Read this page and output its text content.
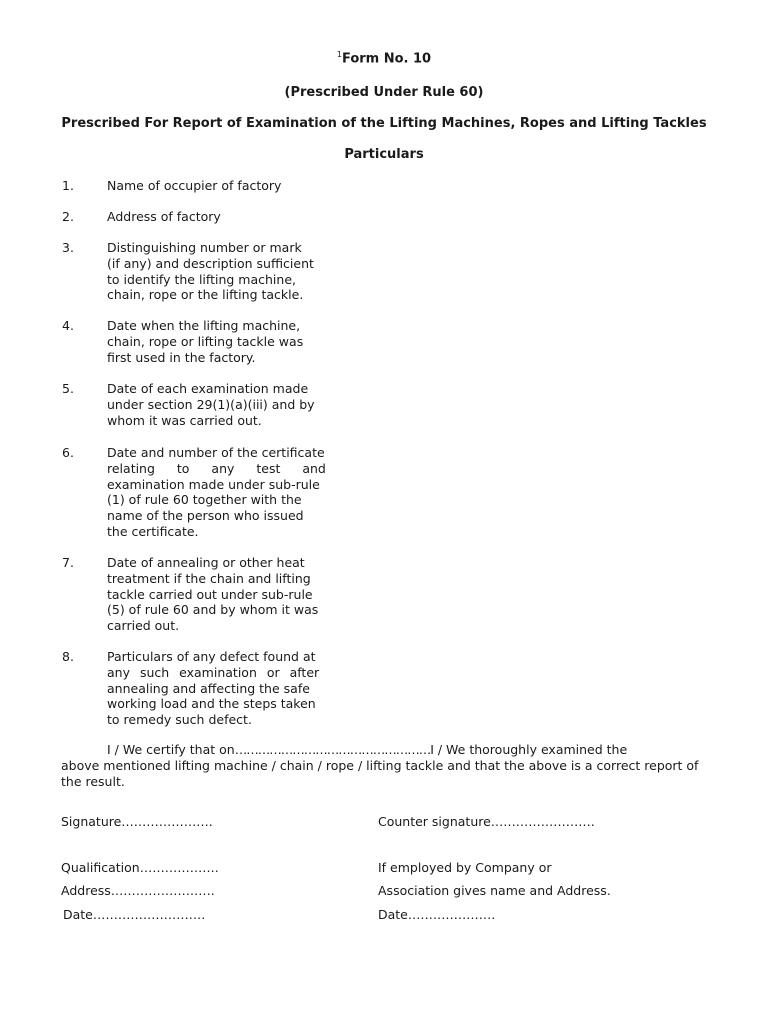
$^1$Form No. 10
(Prescribed Under Rule 60)
Prescribed For Report of Examination of the Lifting Machines, Ropes and Lifting Tackles
Particulars
1.	Name of occupier of factory
2.	Address of factory
3.	Distinguishing number or mark
(if any) and description sufficient
to identify the lifting machine,
chain, rope or the lifting tackle.
4.	Date when the lifting machine,
chain, rope or lifting tackle was
first used in the factory.
5.	Date of each examination made
under section 29(1)(a)(iii) and by
whom it was carried out.
6.	Date and number of the certificate
relating to any test and
examination made under sub-rule
(1) of rule 60 together with the
name of the person who issued
the certificate.
7.	Date of annealing or other heat
treatment if the chain and lifting
tackle carried out under sub-rule
(5) of rule 60 and by whom it was
carried out.
8.	Particulars of any defect found at
any such examination or after
annealing and affecting the safe
working load and the steps taken
to remedy such defect.
I / We certify that on……………………………………………I / We thoroughly examined the
above mentioned lifting machine / chain / rope / lifting tackle and that the above is a correct report of
the result.
Signature………………….	Counter signature…………………….
Qualification……………….	If employed by Company or
Address…………………….	Association gives name and Address.
Date………………………	Date…………………
